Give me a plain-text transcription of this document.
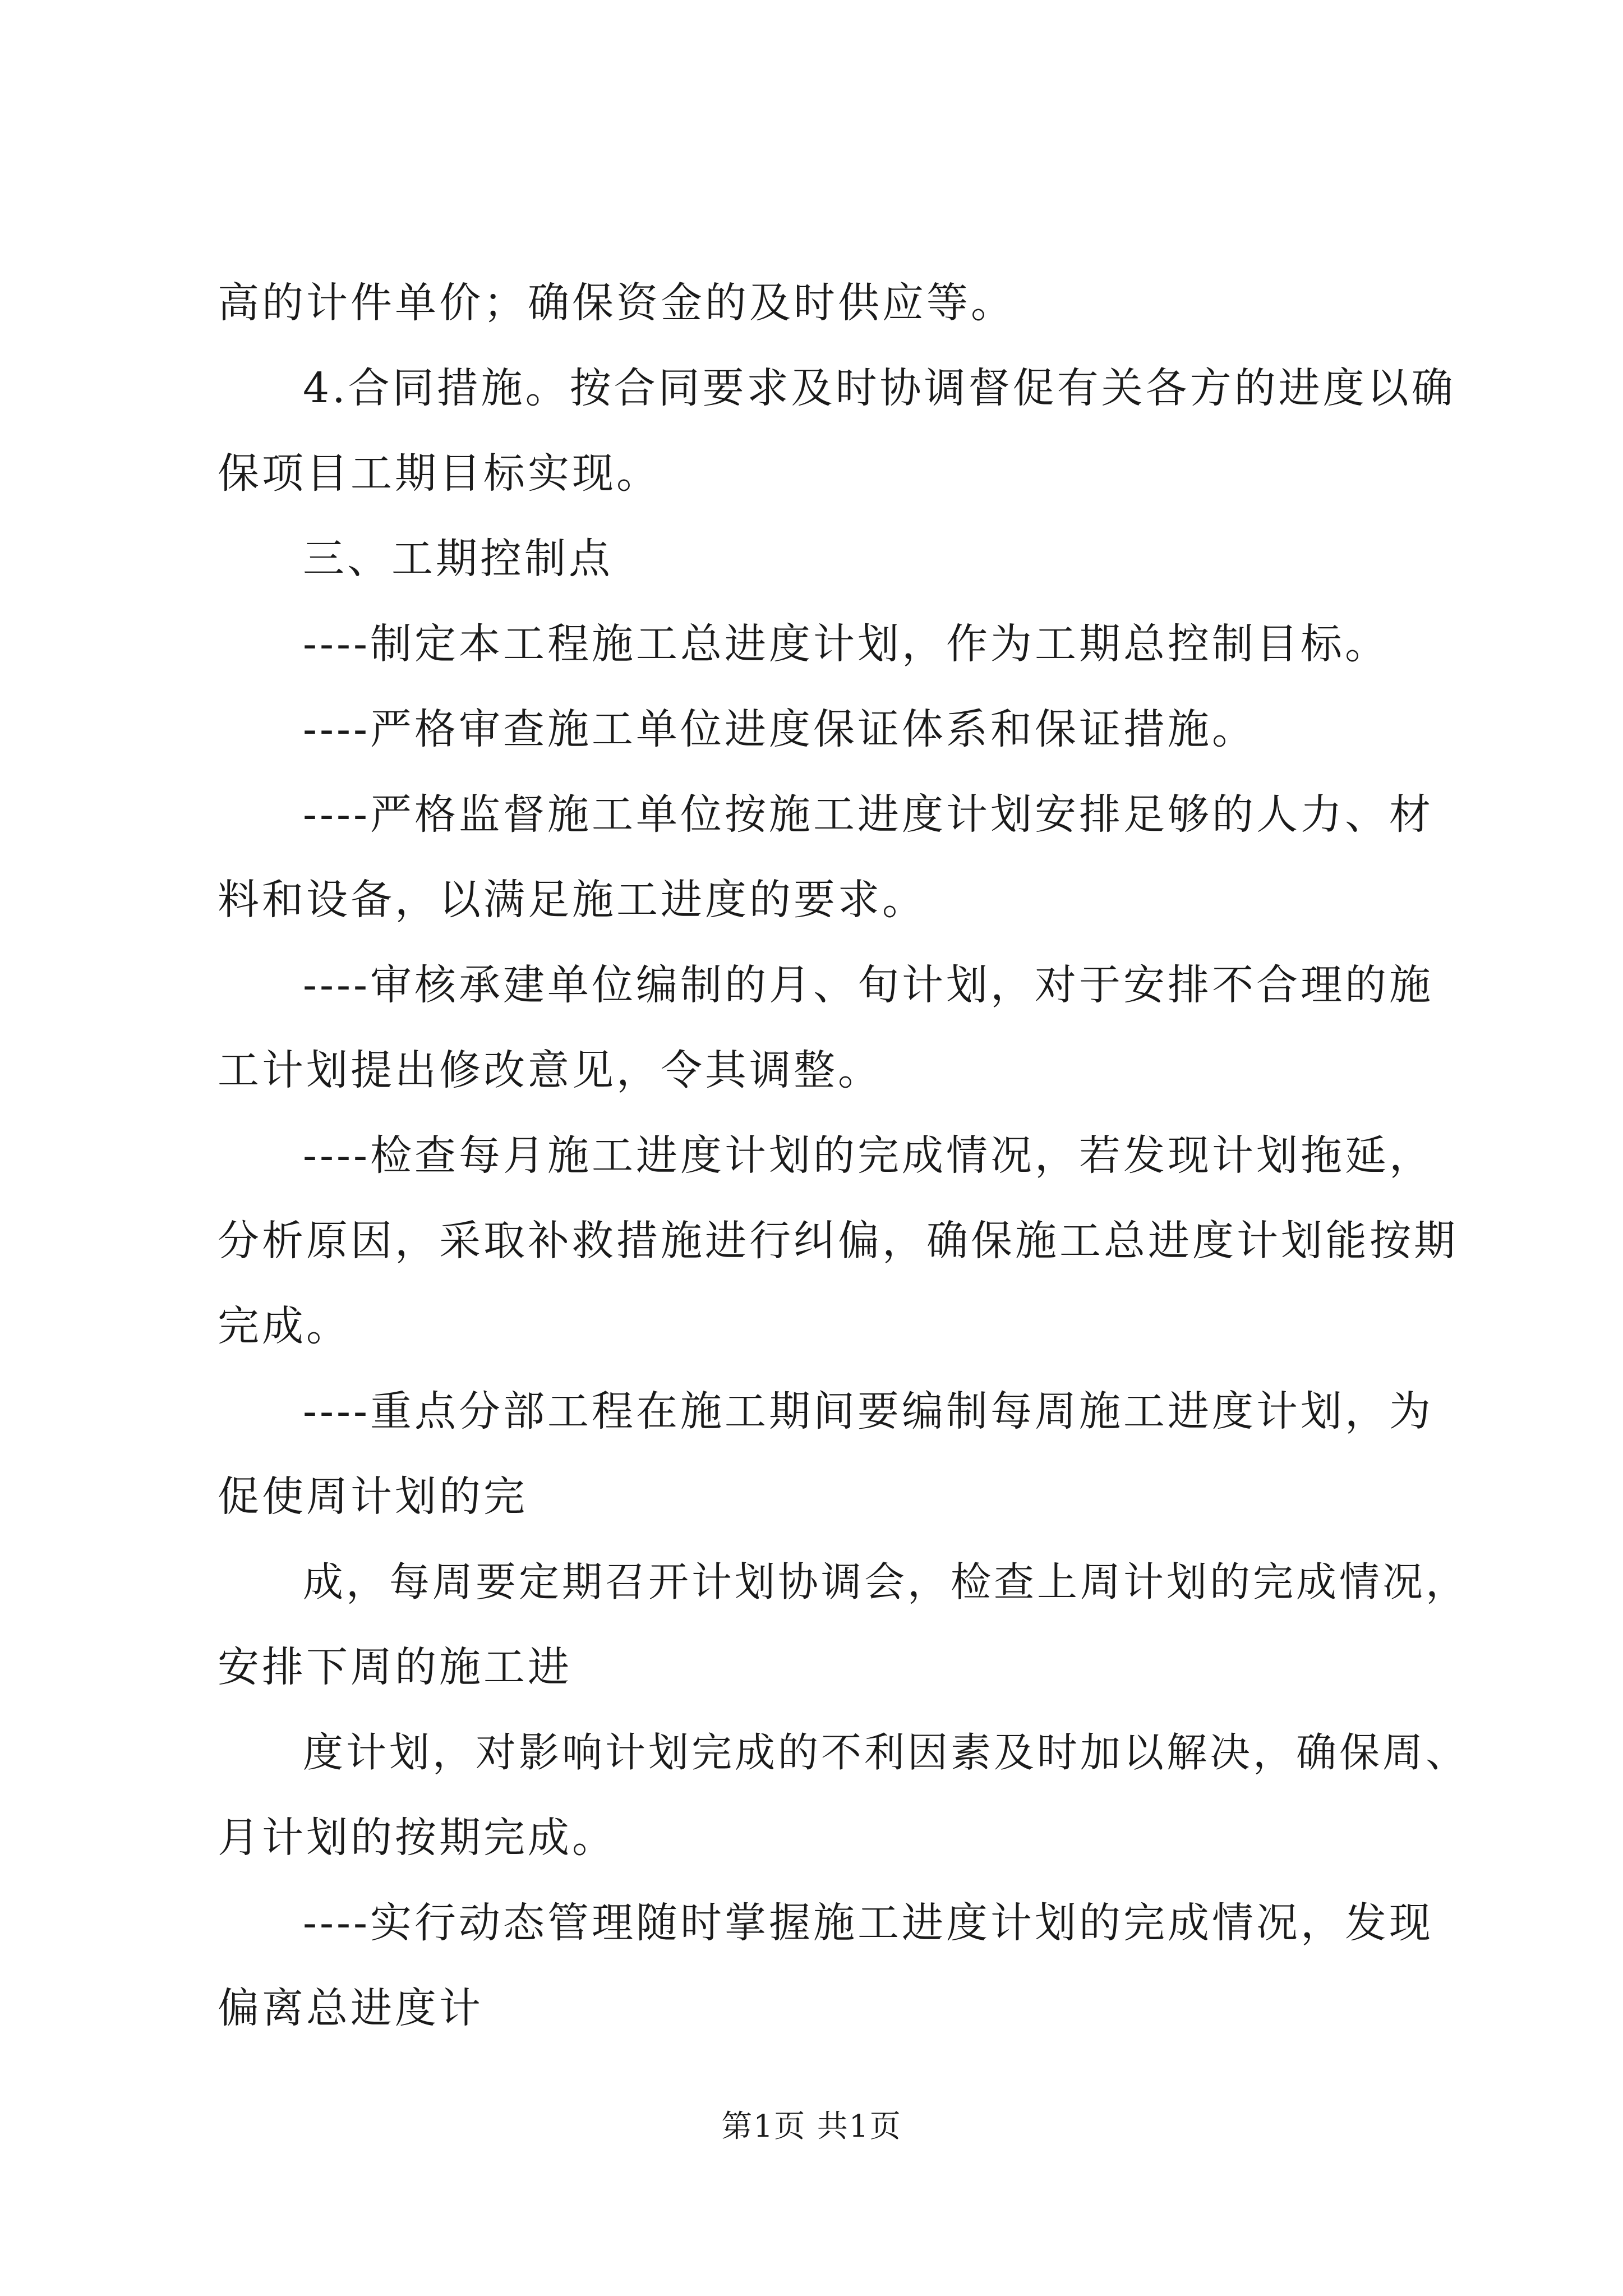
高的计件单价；确保资金的及时供应等。
4.合同措施。按合同要求及时协调督促有关各方的进度以确
保项目工期目标实现。
三、工期控制点
----制定本工程施工总进度计划，作为工期总控制目标。
----严格审查施工单位进度保证体系和保证措施。
----严格监督施工单位按施工进度计划安排足够的人力、材
料和设备，以满足施工进度的要求。
----审核承建单位编制的月、旬计划，对于安排不合理的施
工计划提出修改意见，令其调整。
----检查每月施工进度计划的完成情况，若发现计划拖延，
分析原因，采取补救措施进行纠偏，确保施工总进度计划能按期
完成。
----重点分部工程在施工期间要编制每周施工进度计划，为
促使周计划的完
成，每周要定期召开计划协调会，检查上周计划的完成情况，
安排下周的施工进
度计划，对影响计划完成的不利因素及时加以解决，确保周、
月计划的按期完成。
----实行动态管理随时掌握施工进度计划的完成情况，发现
偏离总进度计
第1页 共1页
